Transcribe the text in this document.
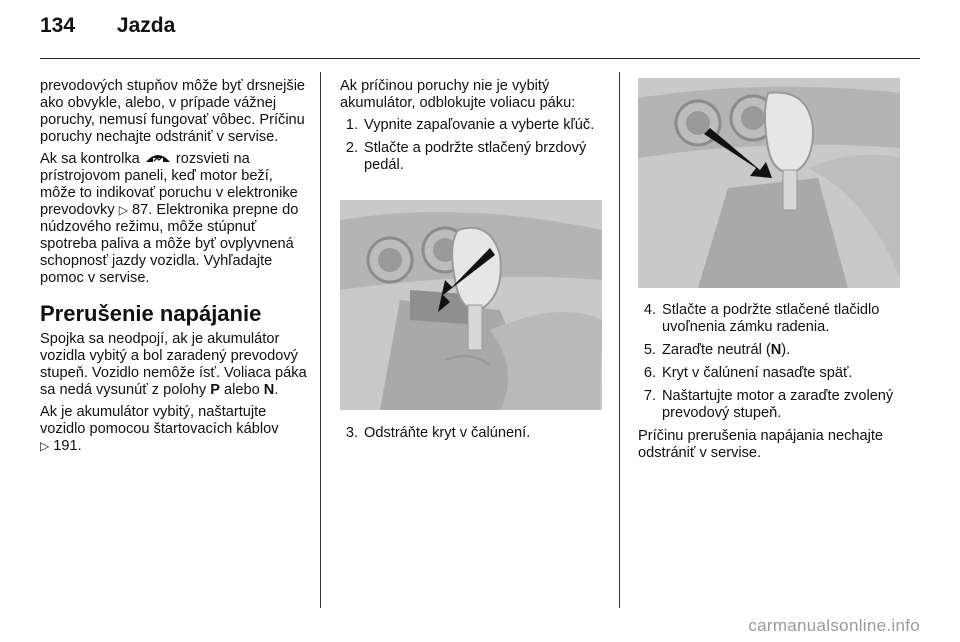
134 Jazda

prevodových stupňov môže byť drsnejšie ako obvykle, alebo, v prípade vážnej poruchy, nemusí fungovať vôbec. Príčinu poruchy nechajte odstrániť v servise.

Ak sa kontrolka rozsvieti na prístrojovom paneli, keď motor beží, môže to indikovať poruchu v elektronike prevodovky ▷ 87. Elektronika prepne do núdzového režimu, môže stúpnuť spotreba paliva a môže byť ovplyvnená schopnosť jazdy vozidla. Vyhľadajte pomoc v servise.

Prerušenie napájanie

Spojka sa neodpojí, ak je akumulátor vozidla vybitý a bol zaradený prevodový stupeň. Vozidlo nemôže ísť. Voliaca páka sa nedá vysunúť z polohy P alebo N.

Ak je akumulátor vybitý, naštartujte vozidlo pomocou štartovacích káblov
▷ 191.

Ak príčinou poruchy nie je vybitý akumulátor, odblokujte voliacu páku:

1. Vypnite zapaľovanie a vyberte kľúč.
2. Stlačte a podržte stlačený brzdový pedál.
3. Odstráňte kryt v čalúnení.
4. Stlačte a podržte stlačené tlačidlo uvoľnenia zámku radenia.
5. Zaraďte neutrál (N).
6. Kryt v čalúnení nasaďte späť.
7. Naštartujte motor a zaraďte zvolený prevodový stupeň.

Príčinu prerušenia napájania nechajte odstrániť v servise.

carmanualsonline.info
